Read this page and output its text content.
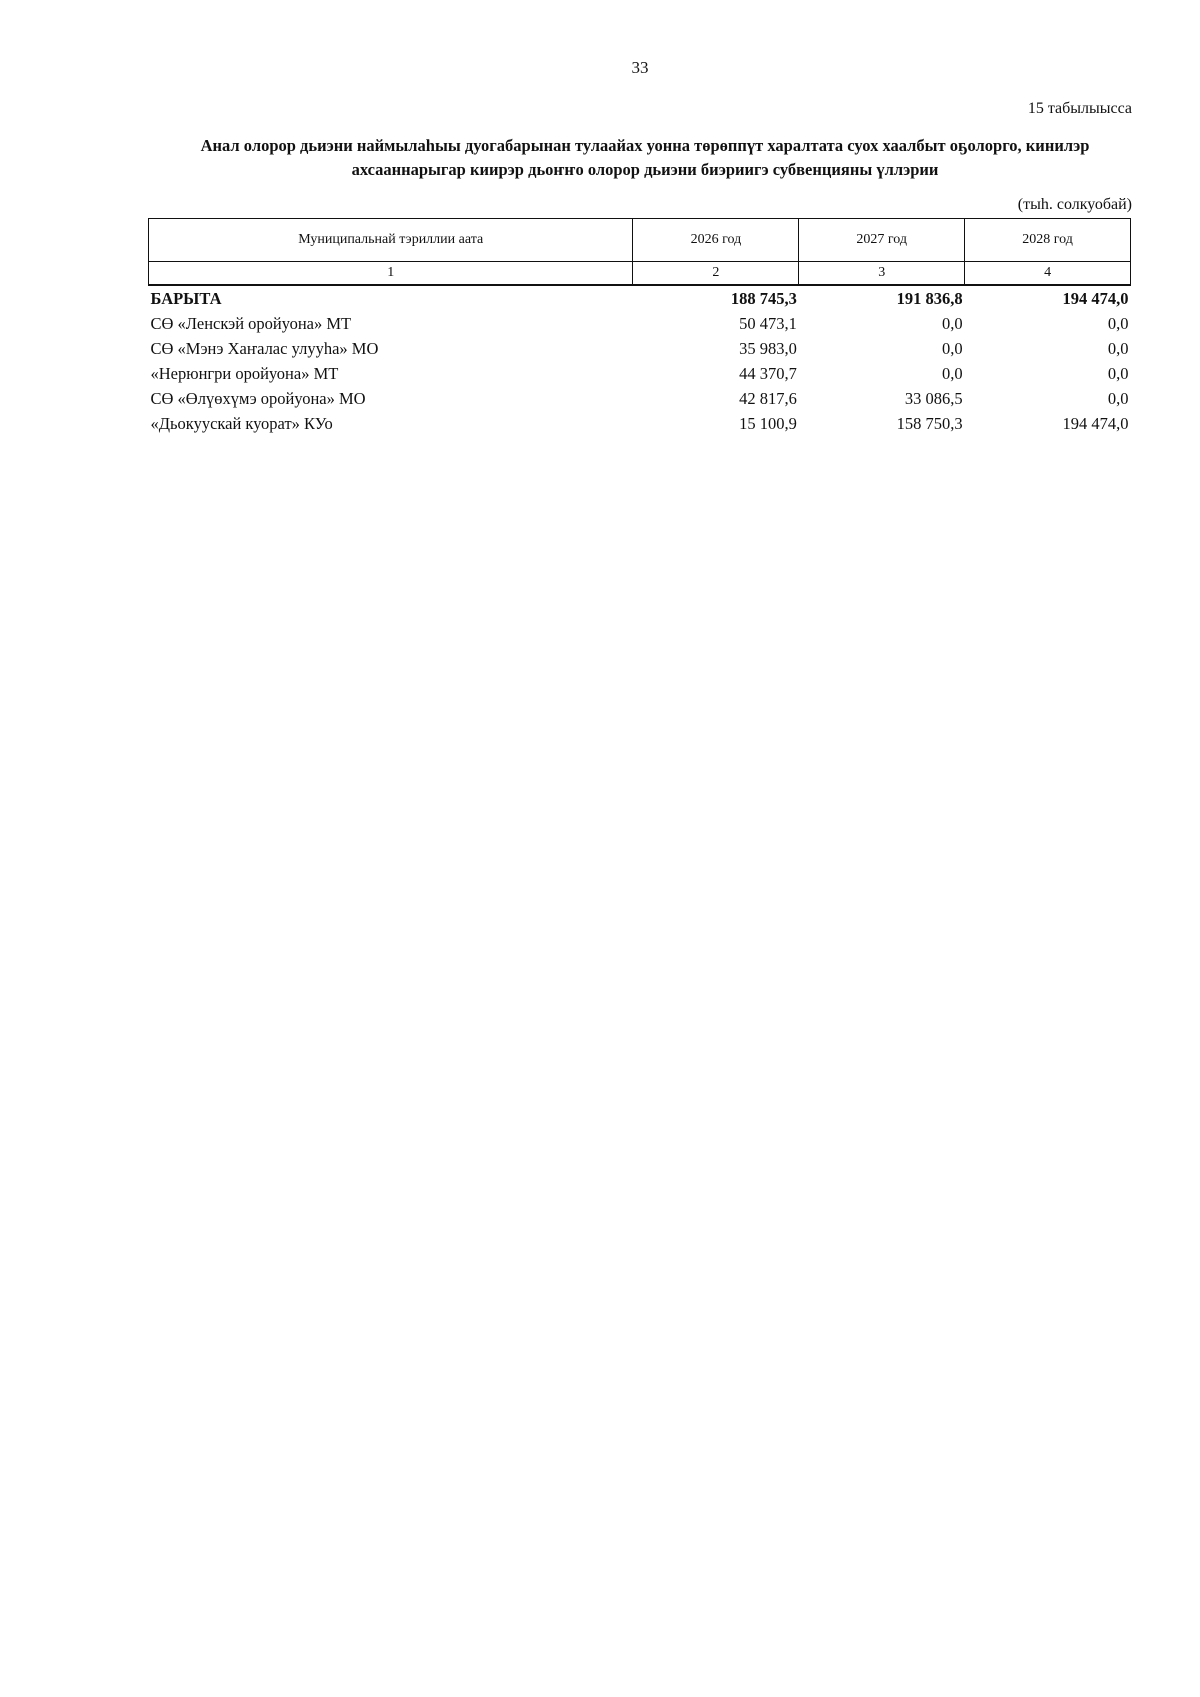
33
15 табылыысса
Анал олорор дьиэни наймылаһыы дуогабарынан тулаайах уонна төрөппүт харалтата суох хаалбыт оҕолорго, кинилэр
ахсааннарыгар киирэр дьоҥҥо олорор дьиэни биэриигэ субвенцияны үллэрии
(тыһ. солкуобай)
Муниципальнай тэриллии аата	2026 год	2027 год	2028 год
1	2	3	4
БАРЫТА	188 745,3	191 836,8	194 474,0
СӨ «Ленскэй оройуона» МТ	50 473,1	0,0	0,0
СӨ «Мэнэ Хаҥалас улууһа» МО	35 983,0	0,0	0,0
«Нерюнгри оройуона» МТ	44 370,7	0,0	0,0
СӨ «Өлүөхүмэ оройуона» МО	42 817,6	33 086,5	0,0
«Дьокуускай куорат» КУо	15 100,9	158 750,3	194 474,0
